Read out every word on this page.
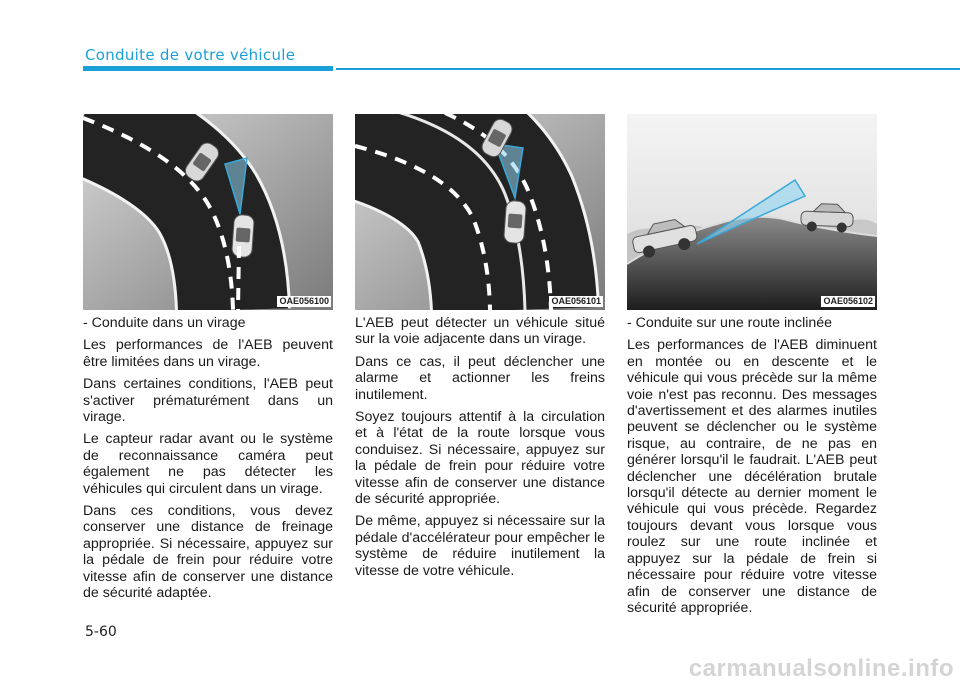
Conduite de votre véhicule
OAE056100	OAE056101	OAE056102

- Conduite dans un virage

Les performances de l'AEB peuvent être limitées dans un virage.

Dans certaines conditions, l'AEB peut s'activer prématurément dans un virage.

Le capteur radar avant ou le système de reconnaissance caméra peut également ne pas détecter les véhicules qui circulent dans un virage.

Dans ces conditions, vous devez conserver une distance de freinage appropriée. Si nécessaire, appuyez sur la pédale de frein pour réduire votre vitesse afin de conserver une distance de sécurité adaptée.

L'AEB peut détecter un véhicule situé sur la voie adjacente dans un virage.

Dans ce cas, il peut déclencher une alarme et actionner les freins inutilement.

Soyez toujours attentif à la circulation et à l'état de la route lorsque vous conduisez. Si nécessaire, appuyez sur la pédale de frein pour réduire votre vitesse afin de conserver une distance de sécurité appropriée.

De même, appuyez si nécessaire sur la pédale d'accélérateur pour empêcher le système de réduire inutilement la vitesse de votre véhicule.

- Conduite sur une route inclinée

Les performances de l'AEB diminuent en montée ou en descente et le véhicule qui vous précède sur la même voie n'est pas reconnu. Des messages d'avertissement et des alarmes inutiles peuvent se déclencher ou le système risque, au contraire, de ne pas en générer lorsqu'il le faudrait. L'AEB peut déclencher une décélération brutale lorsqu'il détecte au dernier moment le véhicule qui vous précède. Regardez toujours devant vous lorsque vous roulez sur une route inclinée et appuyez sur la pédale de frein si nécessaire pour réduire votre vitesse afin de conserver une distance de sécurité appropriée.

5-60
carmanualsonline.info
